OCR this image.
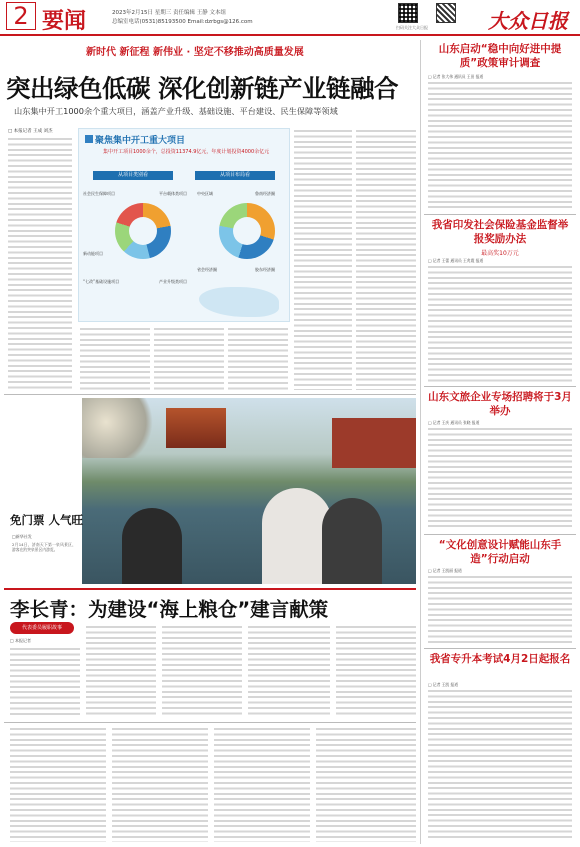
2 要闻	2023年2月15日 星期三 责任编辑 王静 文本组
总编室电话(0531)85193500 Email:dzrbgs@126.com
扫码关注大众日报	大众日报
新时代 新征程 新伟业 · 坚定不移推动高质量发展
突出绿色低碳 深化创新链产业链融合
山东集中开工1000余个重大项目，涵盖产业升级、基础设施、平台建设、民生保障等领域
□ 本报记者 王成 刘杰
聚焦集中开工重大项目
集中开工项目1000余个，总投资11374.9亿元，年度计划投资4000余亿元
从项目类别看	从项目布局看
社会民生保障项目
新动能项目
“七改”基础设施项目
平台载体类项目
产业升级类项目
中央区域	鲁南经济圈
省会经济圈	胶东经济圈
免门票 人气旺
□新华社发
2月14日，济南天下第一泉风景区，游客在趵突泉景区内游览。
李长青：为建设“海上粮仓”建言献策
代表委员履职故事
□ 本报记者
山东启动“稳中向好进中提质”政策审计调查
□ 记者 张大伟 通讯员 王田 报道
我省印发社会保险基金监督举报奖励办法
最高奖10万元
□ 记者 王蕾 通讯员 王兆霞 报道
山东文旅企业专场招聘将于3月举办
□ 记者 王庆 通讯员 张晓 报道
“文化创意设计赋能山东手造”行动启动
□ 记者 王凯丽 报道
我省专升本考试4月2日起报名
□ 记者 王凯 报道
